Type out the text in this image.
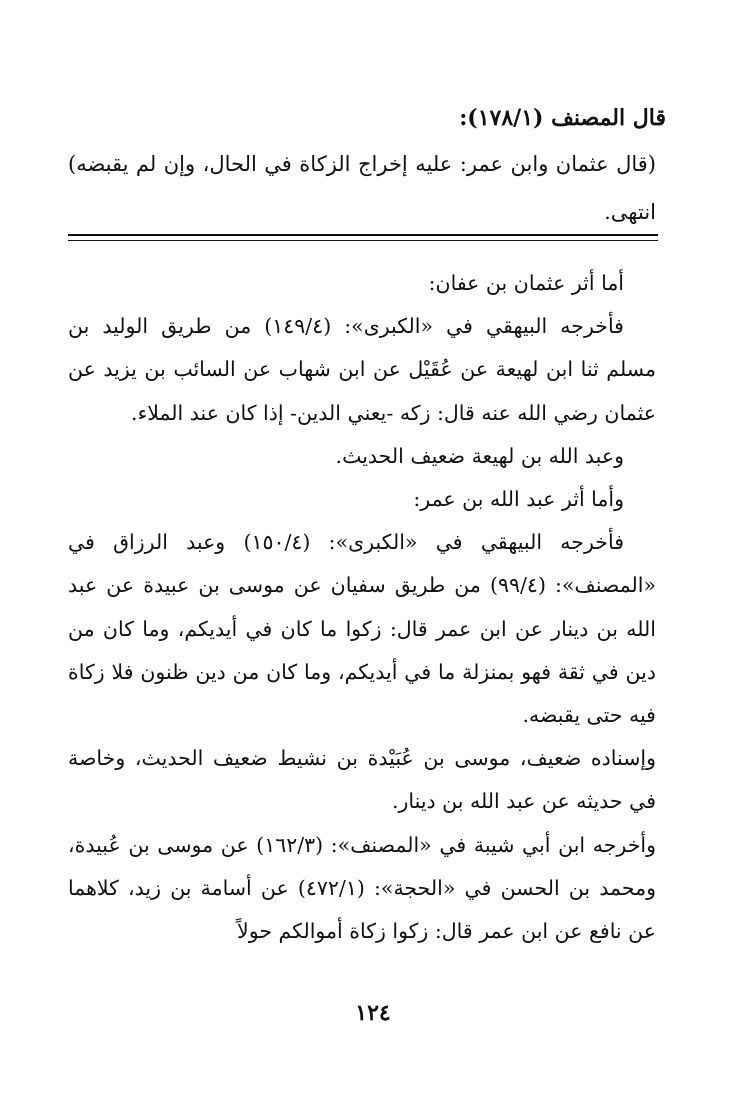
قال المصنف (١٧٨/١):
(قال عثمان وابن عمر: عليه إخراج الزكاة في الحال، وإن لم يقبضه) انتهى.

أما أثر عثمان بن عفان:

فأخرجه البيهقي في «الكبرى»: (١٤٩/٤) من طريق الوليد بن مسلم ثنا ابن لهيعة عن عُقَيْل عن ابن شهاب عن السائب بن يزيد عن عثمان رضي الله عنه قال: زكه -يعني الدين- إذا كان عند الملاء.

وعبد الله بن لهيعة ضعيف الحديث.

وأما أثر عبد الله بن عمر:

فأخرجه البيهقي في «الكبرى»: (١٥٠/٤) وعبد الرزاق في «المصنف»: (٩٩/٤) من طريق سفيان عن موسى بن عبيدة عن عبد الله بن دينار عن ابن عمر قال: زكوا ما كان في أيديكم، وما كان من دين في ثقة فهو بمنزلة ما في أيديكم، وما كان من دين ظنون فلا زكاة فيه حتى يقبضه.

وإسناده ضعيف، موسى بن عُبَيْدة بن نشيط ضعيف الحديث، وخاصة في حديثه عن عبد الله بن دينار.

وأخرجه ابن أبي شيبة في «المصنف»: (١٦٢/٣) عن موسى بن عُبيدة، ومحمد بن الحسن في «الحجة»: (٤٧٢/١) عن أسامة بن زيد، كلاهما عن نافع عن ابن عمر قال: زكوا زكاة أموالكم حولاً

١٢٤
